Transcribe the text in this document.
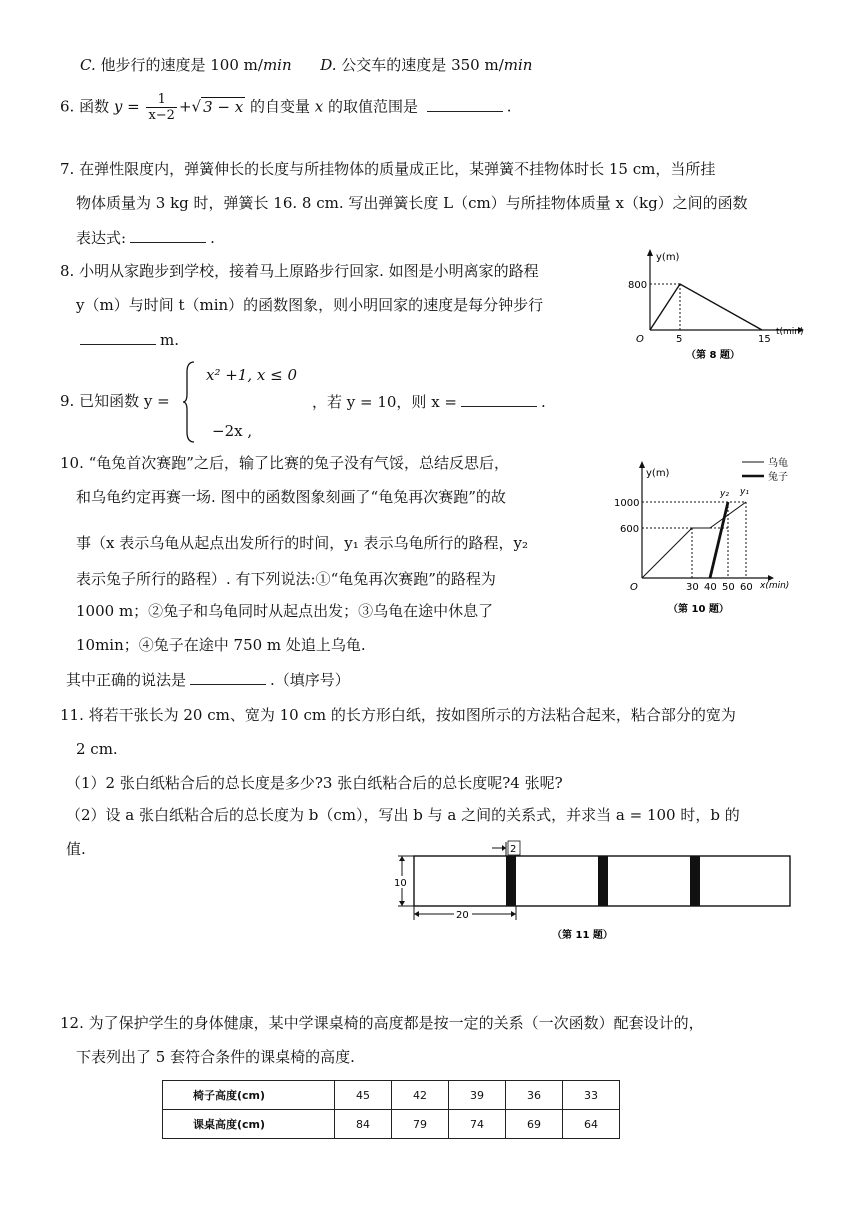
C. 他步行的速度是 100 m/min D. 公交车的速度是 350 m/min
6. 函数 $y = \frac{1}{x-2}$ +√ 3 − x 的自变量 x 的取值范围是	.
7. 在弹性限度内，弹簧伸长的长度与所挂物体的质量成正比，某弹簧不挂物体时长 15 cm，当所挂
物体质量为 3 kg 时，弹簧长 16. 8 cm. 写出弹簧长度 L（cm）与所挂物体质量 x（kg）之间的函数
表达式:	.
8. 小明从家跑步到学校，接着马上原路步行回家. 如图是小明离家的路程
y（m）与时间 t（min）的函数图象，则小明回家的速度是每分钟步行
m.
y(m)
800
O	5	15
t(min)
（第 8 题）
9. 已知函数 y =
x² +1, x ≤ 0
−2x ,
，若 y = 10，则 x =	.
10. “龟兔首次赛跑”之后，输了比赛的兔子没有气馁，总结反思后，
和乌龟约定再赛一场. 图中的函数图象刻画了“龟兔再次赛跑”的故
事（x 表示乌龟从起点出发所行的时间，y₁ 表示乌龟所行的路程，y₂
表示兔子所行的路程）. 有下列说法:①“龟兔再次赛跑”的路程为
1000 m；②兔子和乌龟同时从起点出发；③乌龟在途中休息了
10min；④兔子在途中 750 m 处追上乌龟.
其中正确的说法是	.（填序号）
乌龟
兔子
y(m)
1000
600
O	30 40 50 60 x(min)
y₂ y₁
（第 10 题）
11. 将若干张长为 20 cm、宽为 10 cm 的长方形白纸，按如图所示的方法粘合起来，粘合部分的宽为
2 cm.
（1）2 张白纸粘合后的总长度是多少?3 张白纸粘合后的总长度呢?4 张呢?
（2）设 a 张白纸粘合后的总长度为 b（cm），写出 b 与 a 之间的关系式，并求当 a = 100 时，b 的
值.	2
10
20
（第 11 题）
12. 为了保护学生的身体健康，某中学课桌椅的高度都是按一定的关系（一次函数）配套设计的，
下表列出了 5 套符合条件的课桌椅的高度.
椅子高度(cm)	45	42	39	36	33
课桌高度(cm)	84	79	74	69	64
